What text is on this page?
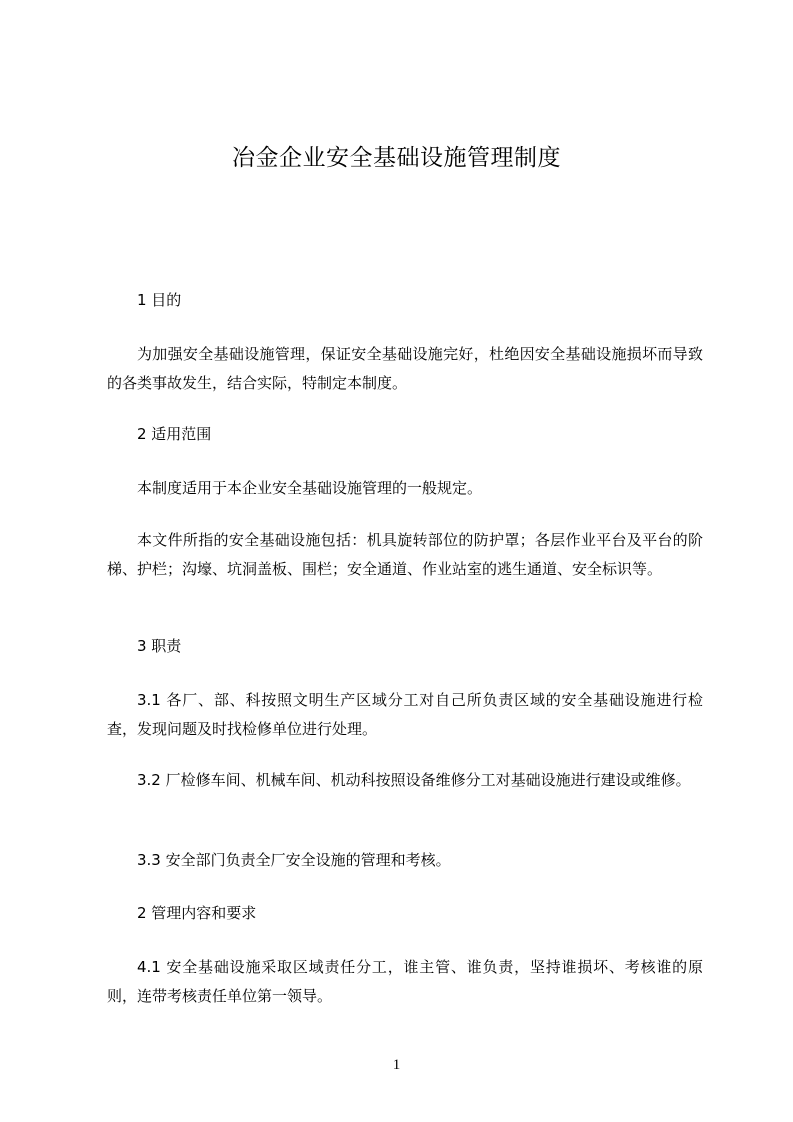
冶金企业安全基础设施管理制度

1 目的

为加强安全基础设施管理，保证安全基础设施完好，杜绝因安全基础设施损坏而导致的各类事故发生，结合实际，特制定本制度。

2 适用范围

本制度适用于本企业安全基础设施管理的一般规定。

本文件所指的安全基础设施包括：机具旋转部位的防护罩；各层作业平台及平台的阶梯、护栏；沟壕、坑洞盖板、围栏；安全通道、作业站室的逃生通道、安全标识等。

3 职责

3.1 各厂、部、科按照文明生产区域分工对自己所负责区域的安全基础设施进行检查，发现问题及时找检修单位进行处理。

3.2 厂检修车间、机械车间、机动科按照设备维修分工对基础设施进行建设或维修。

3.3 安全部门负责全厂安全设施的管理和考核。

2 管理内容和要求

4.1 安全基础设施采取区域责任分工，谁主管、谁负责，坚持谁损坏、考核谁的原则，连带考核责任单位第一领导。

1
